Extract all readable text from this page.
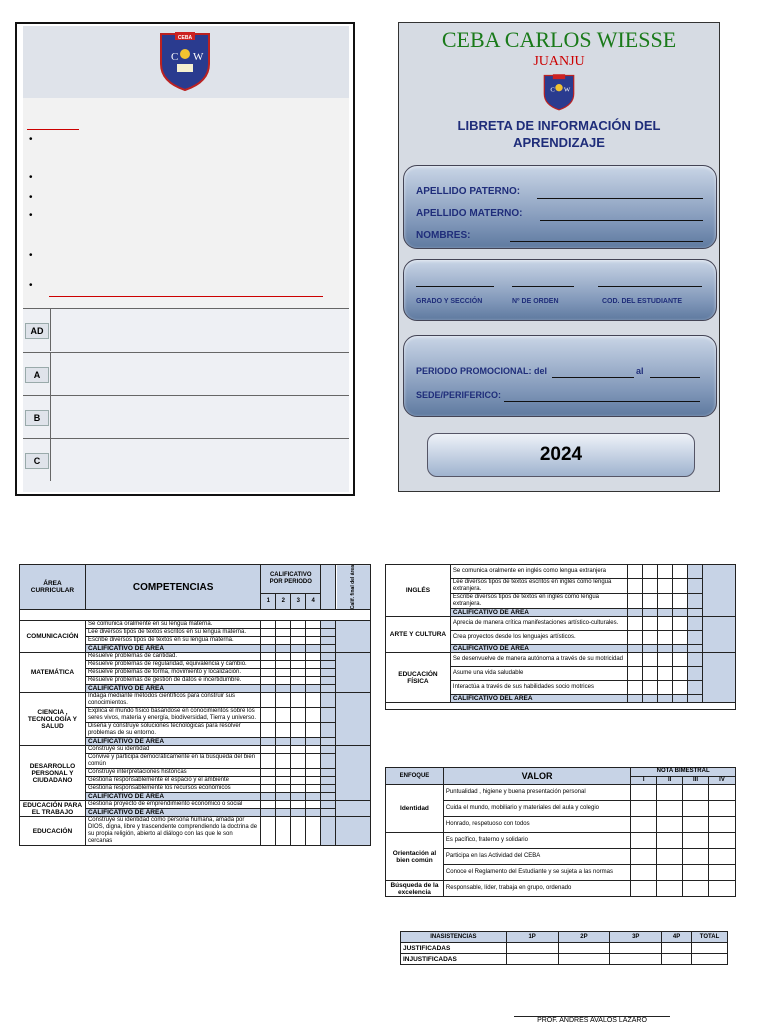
CEBA
C W
•
•
•
•
•
•
AD
A
B
C
CEBA CARLOS WIESSE
JUANJU
C W
LIBRETA DE INFORMACIÓN DEL APRENDIZAJE
APELLIDO PATERNO:
APELLIDO MATERNO:
NOMBRES:
GRADO Y SECCIÓN	Nº DE ORDEN	COD. DEL ESTUDIANTE
PERIODO PROMOCIONAL: del	al
SEDE/PERIFERICO:
2024
ÁREA CURRICULAR	COMPETENCIAS	CALIFICATIVO POR PERIODO					Calif. final del área
		1	2	3	4		

COMUNICACIÓN	Se comunica oralmente en su lengua materna.						
	Lee diversos tipos de textos escritos en su lengua materna.						
	Escribe diversos tipos de textos en su lengua materna.						
	CALIFICATIVO DE ÁREA						
MATEMÁTICA	Resuelve problemas de cantidad.						
	Resuelve problemas de regularidad, equivalencia y cambio.						
	Resuelve problemas de forma, movimiento y localización.						
	Resuelve problemas de gestión de datos e incertidumbre.						
	CALIFICATIVO DE ÁREA						
CIENCIA , TECNOLOGÍA Y SALUD	Indaga mediante métodos científicos para construir sus conocimientos.						
	Explica el mundo físico basándose en conocimientos sobre los seres vivos, materia y energía, biodiversidad, Tierra y universo.						
	Diseña y construye soluciones tecnológicas para resolver problemas de su entorno.						
	CALIFICATIVO DE ÁREA						
DESARROLLO PERSONAL Y CIUDADANO	Construye su identidad						
	Convive y participa democráticamente en la búsqueda del bien común						
	Construye interpretaciones históricas						
	Gestiona responsablemente el espacio y el ambiente						
	Gestiona responsablemente los recursos económicos						
	CALIFICATIVO DE ÁREA						
EDUCACIÓN PARA EL TRABAJO	Gestiona proyecto de emprendimiento económico o social						
	CALIFICATIVO DE ÁREA						
EDUCACIÓN	Construye su identidad como persona humana, amada por DIOS, digna, libre y trascendente comprendiendo la doctrina de su propia religión, abierto al diálogo con las que le son cercanas						
INGLÉS	Se comunica oralmente en inglés como lengua extranjera						
	Lee diversos tipos de textos escritos en inglés como lengua extranjera.						
	Escribe diversos tipos de textos en inglés como lengua extranjera.						
	CALIFICATIVO DE ÁREA						
ARTE Y CULTURA	Aprecia de manera crítica manifestaciones artístico-culturales.						
	Crea proyectos desde los lenguajes artísticos.						
	CALIFICATIVO DE ÁREA						
EDUCACIÓN FÍSICA	Se desenvuelve de manera autónoma a través de su motricidad						
	Asume una vida saludable						
	Interactúa a través de sus habilidades socio motrices						
	CALIFICATIVO DEL AREA						

ENFOQUE	VALOR	NOTA BIMESTRAL			
		I	II	III	IV
Identidad	Puntualidad , higiene y buena presentación personal				
	Cuida el mundo, mobiliario y materiales del aula y colegio				
	Honrado, respetuoso con todos				
Orientación al bien común	Es pacífico, fraterno y solidario				
	Participa en las Actividad del CEBA				
	Conoce el Reglamento del Estudiante y se sujeta a las normas				
Búsqueda de la excelencia	Responsable, líder, trabaja en grupo, ordenado				
INASISTENCIAS	1P	2P	3P	4P	TOTAL
JUSTIFICADAS					
INJUSTIFICADAS					
PROF. ANDRES AVALOS LAZARO
